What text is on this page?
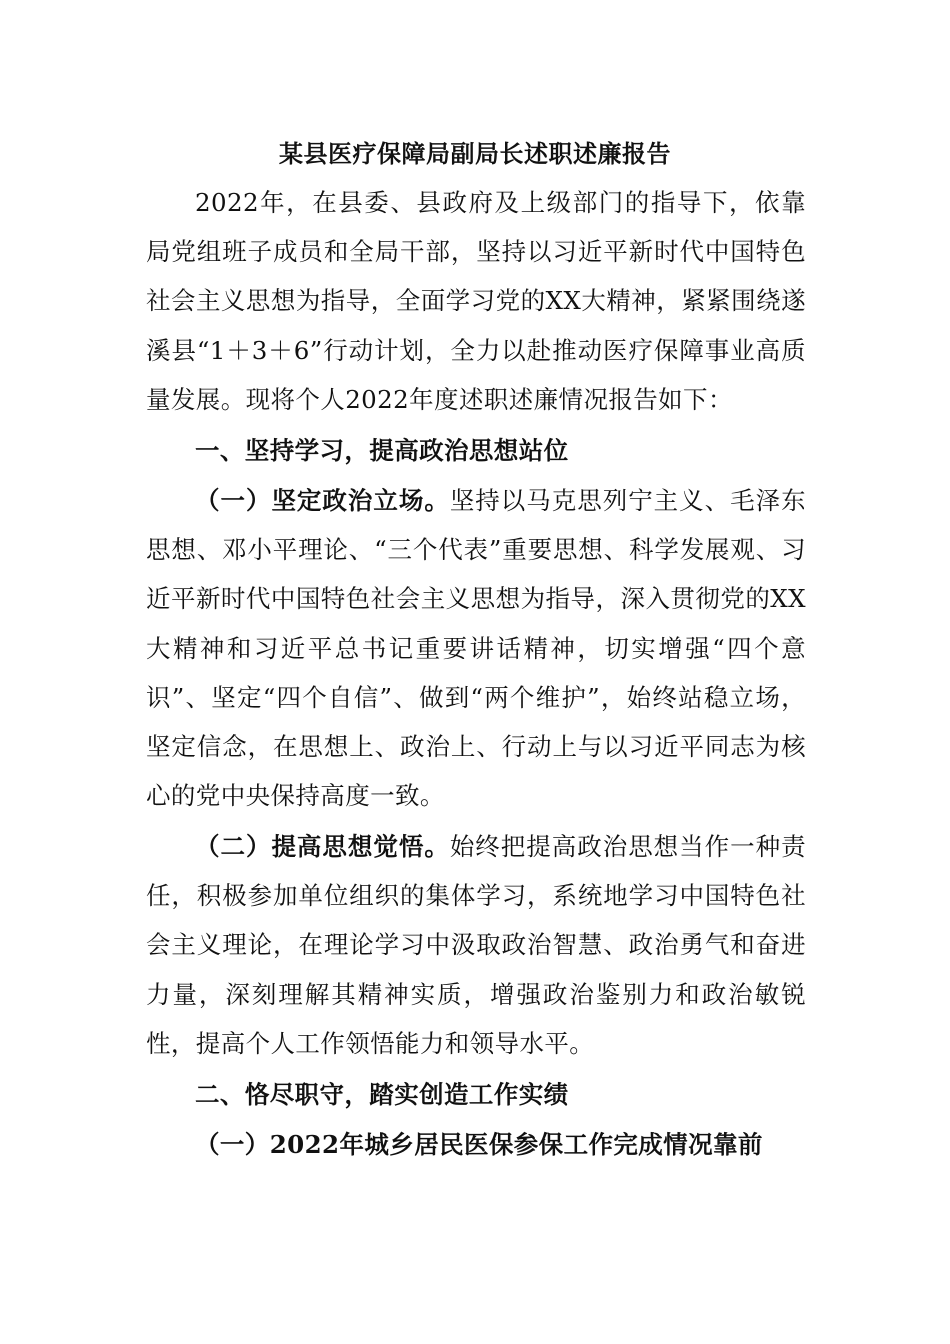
某县医疗保障局副局长述职述廉报告

2022年，在县委、县政府及上级部门的指导下，依靠局党组班子成员和全局干部，坚持以习近平新时代中国特色社会主义思想为指导，全面学习党的XX大精神，紧紧围绕遂溪县“1＋3＋6”行动计划，全力以赴推动医疗保障事业高质量发展。现将个人2022年度述职述廉情况报告如下：

一、坚持学习，提高政治思想站位

（一）坚定政治立场。坚持以马克思列宁主义、毛泽东思想、邓小平理论、“三个代表”重要思想、科学发展观、习近平新时代中国特色社会主义思想为指导，深入贯彻党的XX大精神和习近平总书记重要讲话精神，切实增强“四个意识”、坚定“四个自信”、做到“两个维护”，始终站稳立场，坚定信念，在思想上、政治上、行动上与以习近平同志为核心的党中央保持高度一致。

（二）提高思想觉悟。始终把提高政治思想当作一种责任，积极参加单位组织的集体学习，系统地学习中国特色社会主义理论，在理论学习中汲取政治智慧、政治勇气和奋进力量，深刻理解其精神实质，增强政治鉴别力和政治敏锐性，提高个人工作领悟能力和领导水平。

二、恪尽职守，踏实创造工作实绩

（一）2022年城乡居民医保参保工作完成情况靠前
